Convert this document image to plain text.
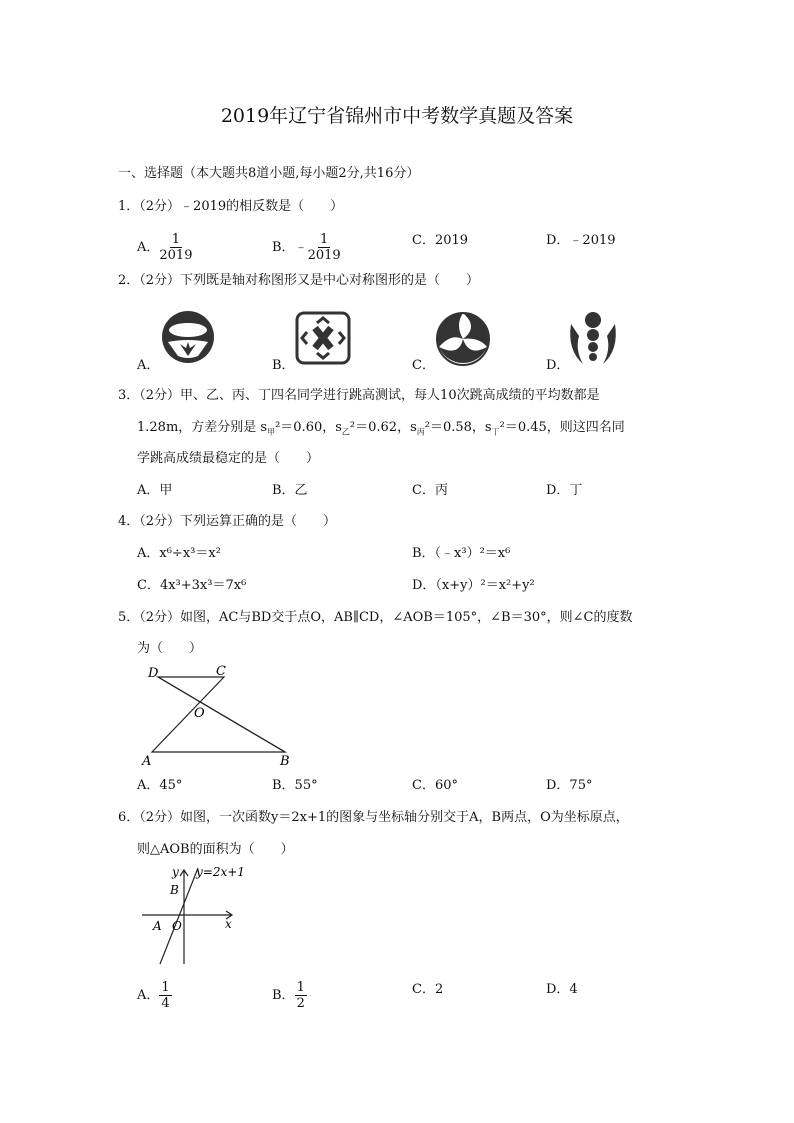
2019年辽宁省锦州市中考数学真题及答案
一、选择题（本大题共8道小题,每小题2分,共16分）
1．（2分）﹣2019的相反数是（　　）
A． $\frac{1}{2019}$	B．﹣ $\frac{1}{2019}$	C．2019	D．﹣2019
2．（2分）下列既是轴对称图形又是中心对称图形的是（　　）
A．	B．	C．	D．
3．（2分）甲、乙、丙、丁四名同学进行跳高测试，每人10次跳高成绩的平均数都是
1.28m，方差分别是 $s_甲^2=0.60$，$s_乙^2=0.62$，$s_丙^2=0.58$，$s_丁^2=0.45$，则这四名同
学跳高成绩最稳定的是（　　）
A．甲	B．乙	C．丙	D．丁
4．（2分）下列运算正确的是（　　）
A．x⁶÷x³＝x²	B．（﹣x³）²＝x⁶
C．4x³+3x³＝7x⁶	D．（x+y）²＝x²+y²
5．（2分）如图，AC与BD交于点O，AB∥CD，∠AOB＝105°，∠B＝30°，则∠C的度数
为（　　）
D	C
O
A	B
A．45°	B．55°	C．60°	D．75°
6．（2分）如图，一次函数y＝2x+1的图象与坐标轴分别交于A，B两点，O为坐标原点，
则△AOB的面积为（　　）
y y=2x+1
B
A O	x
A． $\frac{1}{4}$	B． $\frac{1}{2}$	C．2	D．4
